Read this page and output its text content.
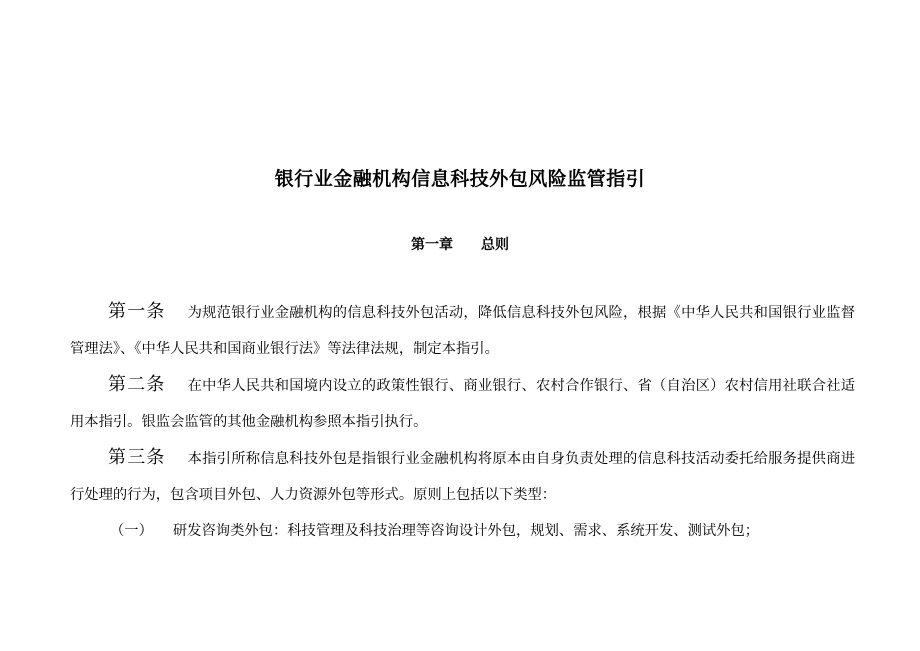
银行业金融机构信息科技外包风险监管指引
第一章 总则

第一条 为规范银行业金融机构的信息科技外包活动，降低信息科技外包风险，根据《中华人民共和国银行业监督管理法》、《中华人民共和国商业银行法》等法律法规，制定本指引。

第二条 在中华人民共和国境内设立的政策性银行、商业银行、农村合作银行、省（自治区）农村信用社联合社适用本指引。银监会监管的其他金融机构参照本指引执行。

第三条 本指引所称信息科技外包是指银行业金融机构将原本由自身负责处理的信息科技活动委托给服务提供商进行处理的行为，包含项目外包、人力资源外包等形式。原则上包括以下类型：

（一） 研发咨询类外包：科技管理及科技治理等咨询设计外包，规划、需求、系统开发、测试外包；
